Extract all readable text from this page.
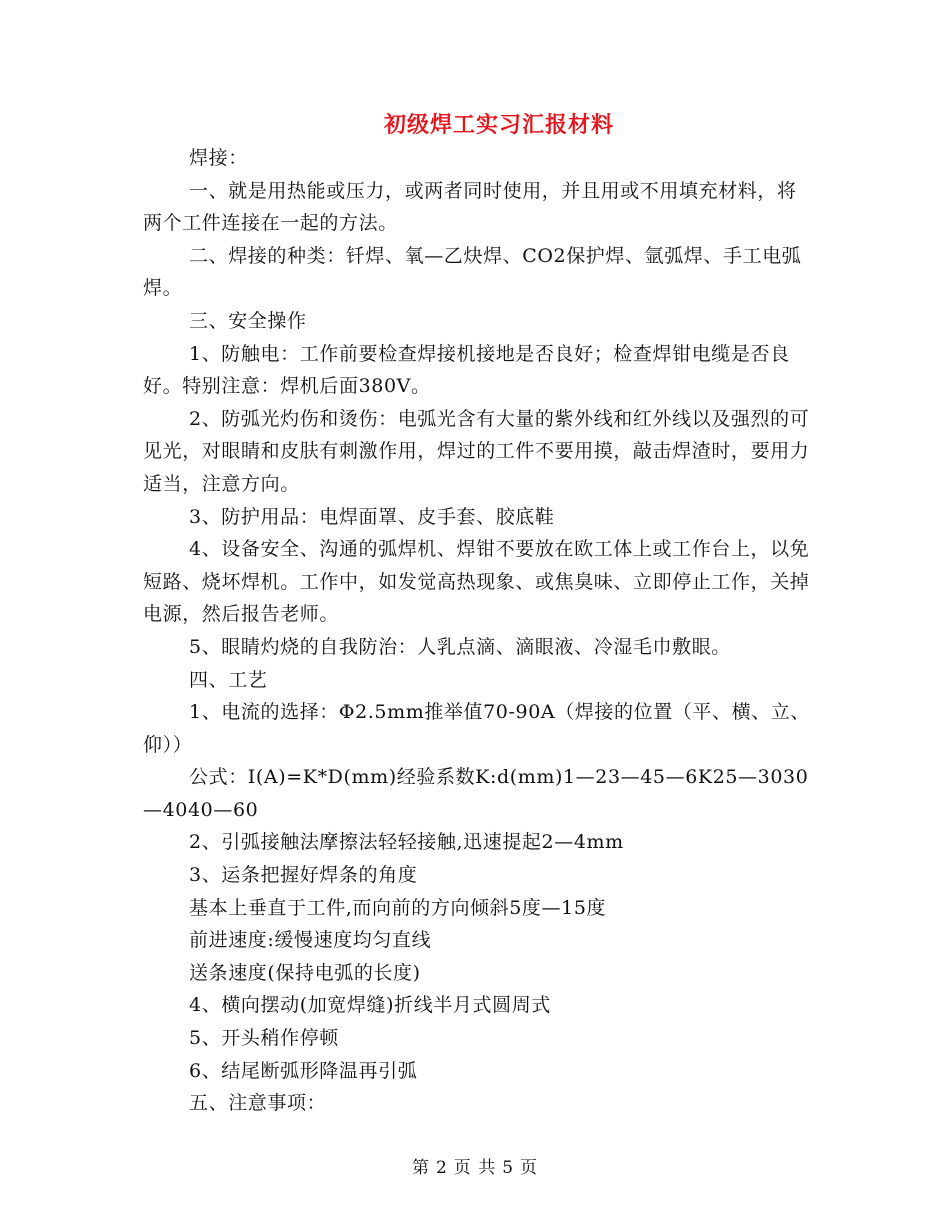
初级焊工实习汇报材料

焊接：

一、就是用热能或压力，或两者同时使用，并且用或不用填充材料，将两个工件连接在一起的方法。

二、焊接的种类：钎焊、氧—乙炔焊、CO2保护焊、氩弧焊、手工电弧焊。

三、安全操作

1、防触电：工作前要检查焊接机接地是否良好；检查焊钳电缆是否良好。特别注意：焊机后面380V。

2、防弧光灼伤和烫伤：电弧光含有大量的紫外线和红外线以及强烈的可见光，对眼睛和皮肤有刺激作用，焊过的工件不要用摸，敲击焊渣时，要用力适当，注意方向。

3、防护用品：电焊面罩、皮手套、胶底鞋

4、设备安全、沟通的弧焊机、焊钳不要放在欧工体上或工作台上，以免短路、烧坏焊机。工作中，如发觉高热现象、或焦臭味、立即停止工作，关掉电源，然后报告老师。

5、眼睛灼烧的自我防治：人乳点滴、滴眼液、冷湿毛巾敷眼。

四、工艺

1、电流的选择：Φ2.5mm推举值70-90A（焊接的位置（平、横、立、仰））

公式：I(A)=K*D(mm)经验系数K:d(mm)1—23—45—6K25—3030—4040—60

2、引弧接触法摩擦法轻轻接触,迅速提起2—4mm

3、运条把握好焊条的角度

基本上垂直于工件,而向前的方向倾斜5度—15度

前进速度:缓慢速度均匀直线

送条速度(保持电弧的长度)

4、横向摆动(加宽焊缝)折线半月式圆周式

5、开头稍作停顿

6、结尾断弧形降温再引弧

五、注意事项：

第 2 页 共 5 页
